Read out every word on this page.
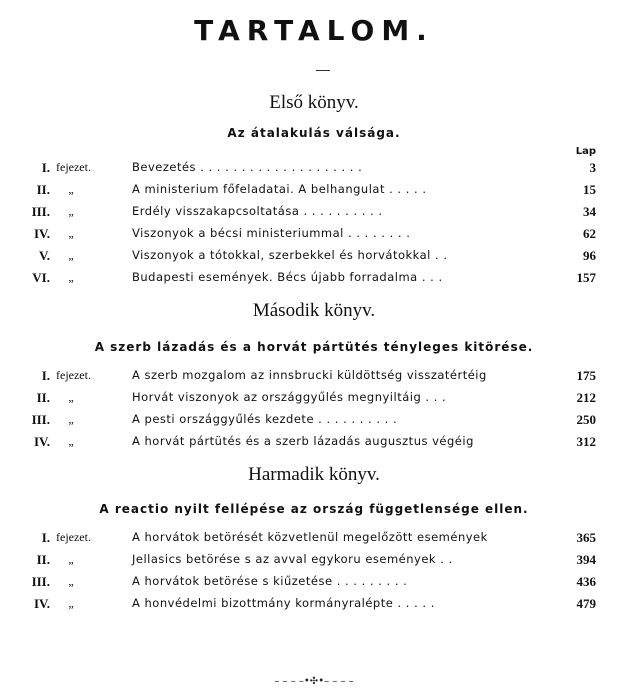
TARTALOM.
Első könyv.
Az átalakulás válsága.
Lap
I. fejezet.	Bevezetés . . . . . . . . . . . . . . . . . . . .	3
II.	„	A ministerium főfeladatai. A belhangulat . . . . .	15
III.	„	Erdély visszakapcsoltatása . . . . . . . . . .	34
IV.	„	Viszonyok a bécsi ministeriummal . . . . . . . .	62
V.	„	Viszonyok a tótokkal, szerbekkel és horvátokkal . .	96
VI.	„	Budapesti események. Bécs újabb forradalma . . .	157
Második könyv.
A szerb lázadás és a horvát pártütés tényleges kitörése.
I. fejezet.	A szerb mozgalom az innsbrucki küldöttség visszatértéig	175
II.	„	Horvát viszonyok az országgyűlés megnyiltáig . . .	212
III.	„	A pesti országgyűlés kezdete . . . . . . . . . .	250
IV.	„	A horvát pártütés és a szerb lázadás augusztus végéig	312
Harmadik könyv.
A reactio nyilt fellépése az ország függetlensége ellen.
I. fejezet.	A horvátok betörését közvetlenül megelőzött események	365
II.	„	Jellasics betörése s az avval egykoru események . .	394
III.	„	A horvátok betörése s kiűzetése . . . . . . . . .	436
IV.	„	A honvédelmi bizottmány kormányralépte . . . . .	479
– – – –•✣•– – – –
